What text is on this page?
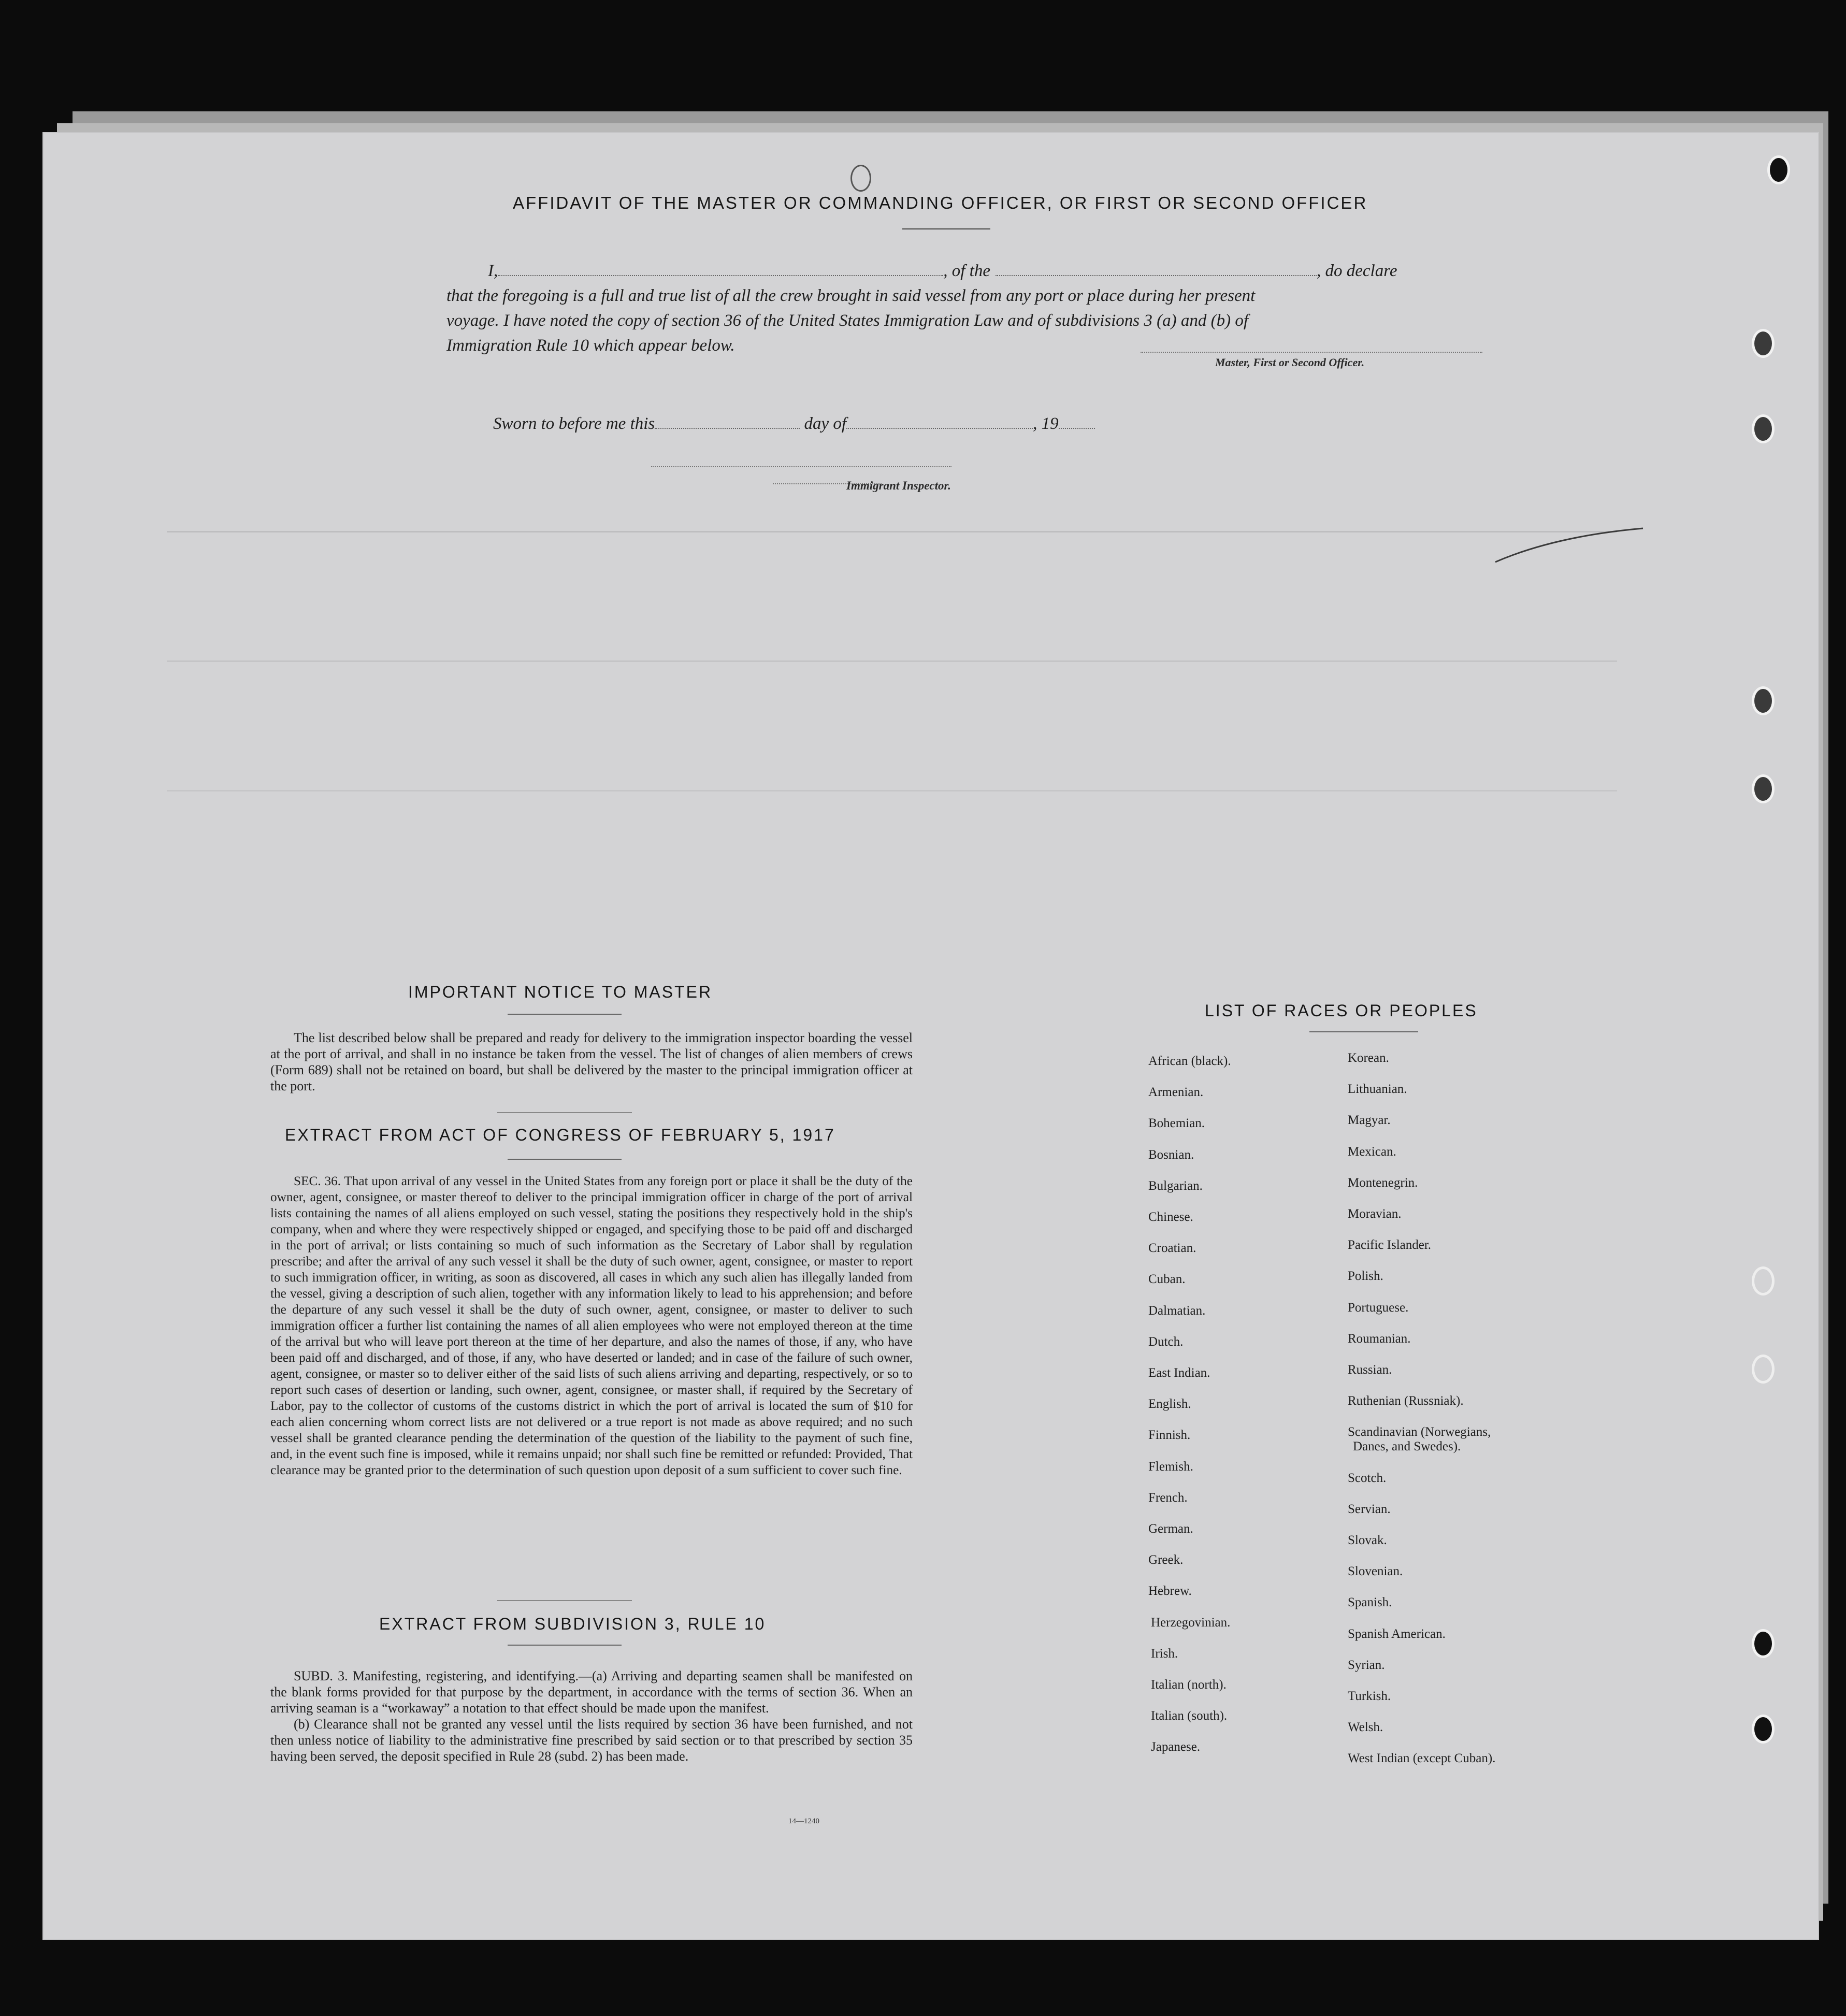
AFFIDAVIT OF THE MASTER OR COMMANDING OFFICER, OR FIRST OR SECOND OFFICER
I,	, of the	, do declare
that the foregoing is a full and true list of all the crew brought in said vessel from any port or place during her present
voyage. I have noted the copy of section 36 of the United States Immigration Law and of subdivisions 3 (a) and (b) of
Immigration Rule 10 which appear below.
Master, First or Second Officer.
Sworn to before me this	day of	, 19
Immigrant Inspector.
IMPORTANT NOTICE TO MASTER

The list described below shall be prepared and ready for delivery to the immigration inspector boarding the vessel at the port of arrival, and shall in no instance be taken from the vessel. The list of changes of alien members of crews (Form 689) shall not be retained on board, but shall be delivered by the master to the principal immigration officer at the port.

EXTRACT FROM ACT OF CONGRESS OF FEBRUARY 5, 1917

SEC. 36. That upon arrival of any vessel in the United States from any foreign port or place it shall be the duty of the owner, agent, consignee, or master thereof to deliver to the principal immigration officer in charge of the port of arrival lists containing the names of all aliens employed on such vessel, stating the positions they respectively hold in the ship's company, when and where they were respectively shipped or engaged, and specifying those to be paid off and discharged in the port of arrival; or lists containing so much of such information as the Secretary of Labor shall by regulation prescribe; and after the arrival of any such vessel it shall be the duty of such owner, agent, consignee, or master to report to such immigration officer, in writing, as soon as discovered, all cases in which any such alien has illegally landed from the vessel, giving a description of such alien, together with any information likely to lead to his apprehension; and before the departure of any such vessel it shall be the duty of such owner, agent, consignee, or master to deliver to such immigration officer a further list containing the names of all alien employees who were not employed thereon at the time of the arrival but who will leave port thereon at the time of her departure, and also the names of those, if any, who have been paid off and discharged, and of those, if any, who have deserted or landed; and in case of the failure of such owner, agent, consignee, or master so to deliver either of the said lists of such aliens arriving and departing, respectively, or so to report such cases of desertion or landing, such owner, agent, consignee, or master shall, if required by the Secretary of Labor, pay to the collector of customs of the customs district in which the port of arrival is located the sum of $10 for each alien concerning whom correct lists are not delivered or a true report is not made as above required; and no such vessel shall be granted clearance pending the determination of the question of the liability to the payment of such fine, and, in the event such fine is imposed, while it remains unpaid; nor shall such fine be remitted or refunded: Provided, That clearance may be granted prior to the determination of such question upon deposit of a sum sufficient to cover such fine.

EXTRACT FROM SUBDIVISION 3, RULE 10

SUBD. 3. Manifesting, registering, and identifying.—(a) Arriving and departing seamen shall be manifested on the blank forms provided for that purpose by the department, in accordance with the terms of section 36. When an arriving seaman is a “workaway” a notation to that effect should be made upon the manifest.

(b) Clearance shall not be granted any vessel until the lists required by section 36 have been furnished, and not then unless notice of liability to the administrative fine prescribed by said section or to that prescribed by section 35 having been served, the deposit specified in Rule 28 (subd. 2) has been made.

14—1240
LIST OF RACES OR PEOPLES
African (black).
Armenian.
Bohemian.
Bosnian.
Bulgarian.
Chinese.
Croatian.
Cuban.
Dalmatian.
Dutch.
East Indian.
English.
Finnish.
Flemish.
French.
German.
Greek.
Hebrew.
Herzegovinian.
Irish.
Italian (north).
Italian (south).
Japanese.
Korean.
Lithuanian.
Magyar.
Mexican.
Montenegrin.
Moravian.
Pacific Islander.
Polish.
Portuguese.
Roumanian.
Russian.
Ruthenian (Russniak).
Scandinavian (Norwegians,
Danes, and Swedes).
Scotch.
Servian.
Slovak.
Slovenian.
Spanish.
Spanish American.
Syrian.
Turkish.
Welsh.
West Indian (except Cuban).
